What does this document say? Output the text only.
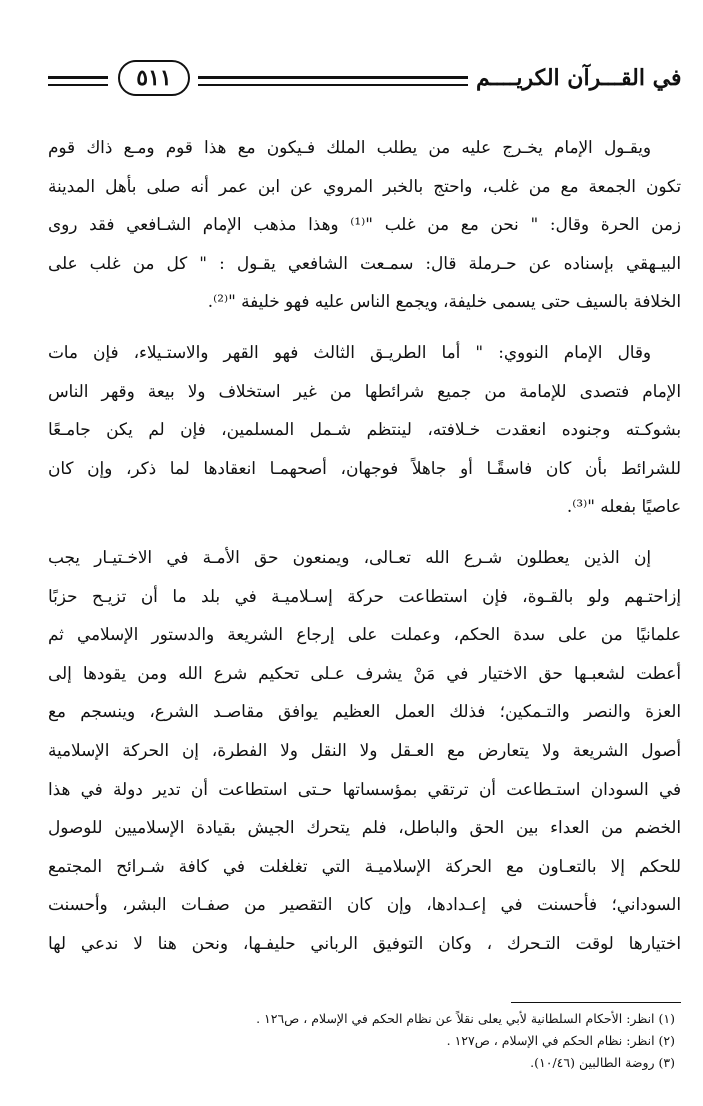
٥١١	في القـــرآن الكريــــم
ويقـول الإمام يخـرج عليه من يطلب الملك فـيكون مع هذا قوم ومـع ذاك قوم
تكون الجمعة مع من غلب، واحتج بالخبر المروي عن ابن عمر أنه صلى بأهل المدينة
زمن الحرة وقال: " نحن مع من غلب "⁽¹⁾ وهذا مذهب الإمام الشـافعي فقد روى
البيـهقي بإسناده عن حـرملة قال: سمـعت الشافعي يقـول : " كل من غلب على
الخلافة بالسيف حتى يسمى خليفة، ويجمع الناس عليه فهو خليفة "⁽²⁾.
وقال الإمام النووي: " أما الطريـق الثالث فهو القهر والاستـيلاء، فإن مات
الإمام فتصدى للإمامة من جميع شرائطها من غير استخلاف ولا بيعة وقهر الناس
بشوكـته وجنوده انعقدت خـلافته، لينتظم شـمل المسلمين، فإن لم يكن جامـعًا
للشرائط بأن كان فاسقًـا أو جاهلاً فوجهان، أصحهمـا انعقادها لما ذكر، وإن كان
عاصيًا بفعله "⁽³⁾.
إن الذين يعطلون شـرع الله تعـالى، ويمنعون حق الأمـة في الاخـتيـار يجب
إزاحتـهم ولو بالقـوة، فإن استطاعت حركة إسـلاميـة في بلد ما أن تزيـح حزبًا
علمانيًا من على سدة الحكم، وعملت على إرجاع الشريعة والدستور الإسلامي ثم
أعطت لشعبـها حق الاختيار في مَنْ يشرف عـلى تحكيم شرع الله ومن يقودها إلى
العزة والنصر والتـمكين؛ فذلك العمل العظيم يوافق مقاصـد الشرع، وينسجم مع
أصول الشريعة ولا يتعارض مع العـقل ولا النقل ولا الفطرة، إن الحركة الإسلامية
في السودان استـطاعت أن ترتقي بمؤسساتها حـتى استطاعت أن تدير دولة في هذا
الخضم من العداء بين الحق والباطل، فلم يتحرك الجيش بقيادة الإسلاميين للوصول
للحكم إلا بالتعـاون مع الحركة الإسلاميـة التي تغلغلت في كافة شـرائح المجتمع
السوداني؛ فأحسنت في إعـدادها، وإن كان التقصير من صفـات البشر، وأحسنت
اختيارها لوقت التـحرك ، وكان التوفيق الرباني حليفـها، ونحن هنا لا ندعي لها
(١) انظر: الأحكام السلطانية لأبي يعلى نقلاً عن نظام الحكم في الإسلام ، ص١٢٦ .
(٢) انظر: نظام الحكم في الإسلام ، ص١٢٧ .
(٣) روضة الطالبين (١٠/٤٦).
